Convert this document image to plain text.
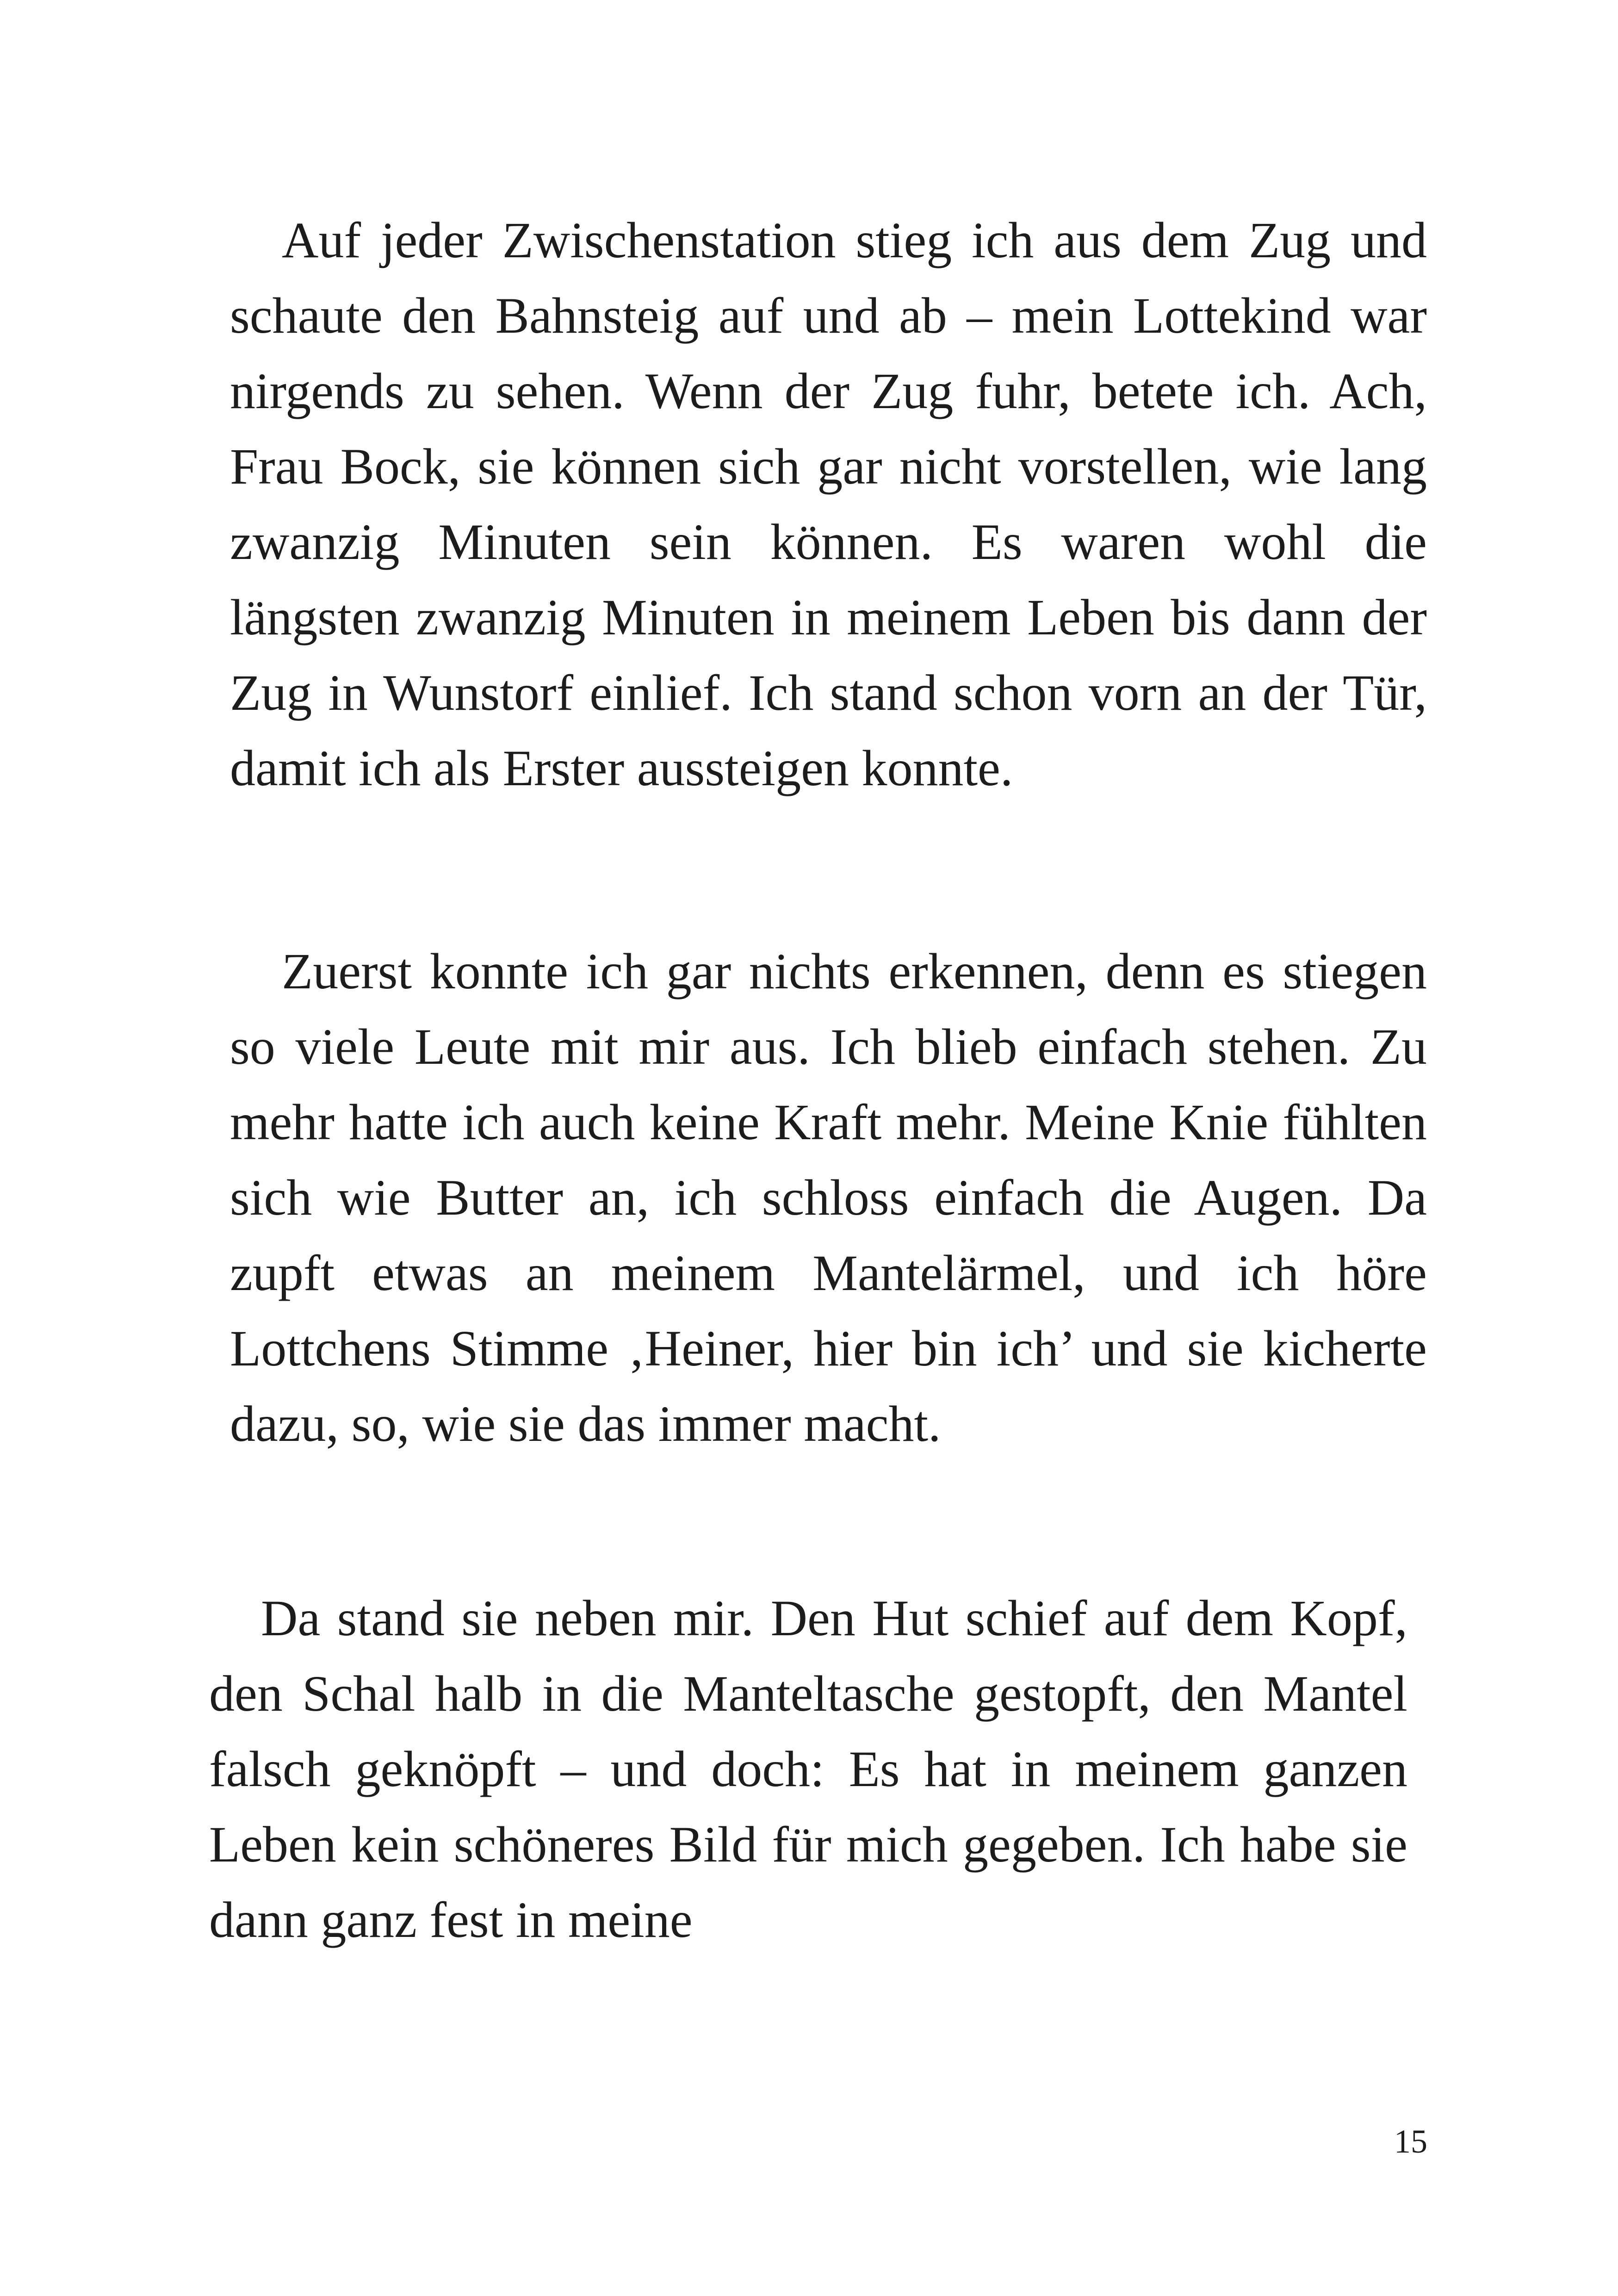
Auf jeder Zwischenstation stieg ich aus dem Zug und schaute den Bahnsteig auf und ab – mein Lottekind war nirgends zu sehen. Wenn der Zug fuhr, betete ich. Ach, Frau Bock, sie können sich gar nicht vorstellen, wie lang zwanzig Minuten sein können. Es waren wohl die längsten zwanzig Minuten in meinem Leben bis dann der Zug in Wunstorf einlief. Ich stand schon vorn an der Tür, damit ich als Erster aussteigen konnte.

Zuerst konnte ich gar nichts erkennen, denn es stiegen so viele Leute mit mir aus. Ich blieb einfach stehen. Zu mehr hatte ich auch keine Kraft mehr. Meine Knie fühlten sich wie Butter an, ich schloss einfach die Augen. Da zupft etwas an meinem Mantelärmel, und ich höre Lottchens Stimme ‚Heiner, hier bin ich’ und sie kicherte dazu, so, wie sie das immer macht.

Da stand sie neben mir. Den Hut schief auf dem Kopf, den Schal halb in die Manteltasche gestopft, den Mantel falsch geknöpft – und doch: Es hat in meinem ganzen Leben kein schöneres Bild für mich gegeben. Ich habe sie dann ganz fest in meine

15
